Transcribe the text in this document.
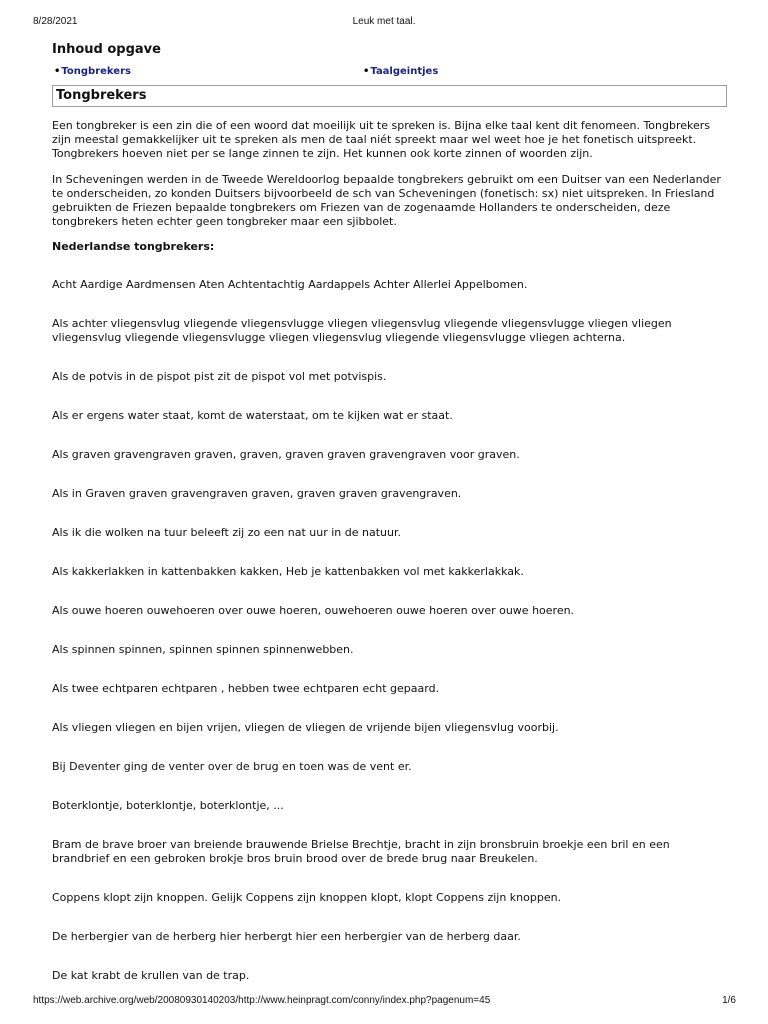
8/28/2021	Leuk met taal.
Inhoud opgave
•Tongbrekers	•Taalgeintjes
Tongbrekers

Een tongbreker is een zin die of een woord dat moeilijk uit te spreken is. Bijna elke taal kent dit fenomeen. Tongbrekers zijn meestal gemakkelijker uit te spreken als men de taal niét spreekt maar wel weet hoe je het fonetisch uitspreekt. Tongbrekers hoeven niet per se lange zinnen te zijn. Het kunnen ook korte zinnen of woorden zijn.

In Scheveningen werden in de Tweede Wereldoorlog bepaalde tongbrekers gebruikt om een Duitser van een Nederlander te onderscheiden, zo konden Duitsers bijvoorbeeld de sch van Scheveningen (fonetisch: sx) niet uitspreken. In Friesland gebruikten de Friezen bepaalde tongbrekers om Friezen van de zogenaamde Hollanders te onderscheiden, deze tongbrekers heten echter geen tongbreker maar een sjibbolet.

Nederlandse tongbrekers:

Acht Aardige Aardmensen Aten Achtentachtig Aardappels Achter Allerlei Appelbomen.

Als achter vliegensvlug vliegende vliegensvlugge vliegen vliegensvlug vliegende vliegensvlugge vliegen vliegen vliegensvlug vliegende vliegensvlugge vliegen vliegensvlug vliegende vliegensvlugge vliegen achterna.

Als de potvis in de pispot pist zit de pispot vol met potvispis.

Als er ergens water staat, komt de waterstaat, om te kijken wat er staat.

Als graven gravengraven graven, graven, graven graven gravengraven voor graven.

Als in Graven graven gravengraven graven, graven graven gravengraven.

Als ik die wolken na tuur beleeft zij zo een nat uur in de natuur.

Als kakkerlakken in kattenbakken kakken, Heb je kattenbakken vol met kakkerlakkak.

Als ouwe hoeren ouwehoeren over ouwe hoeren, ouwehoeren ouwe hoeren over ouwe hoeren.

Als spinnen spinnen, spinnen spinnen spinnenwebben.

Als twee echtparen echtparen , hebben twee echtparen echt gepaard.

Als vliegen vliegen en bijen vrijen, vliegen de vliegen de vrijende bijen vliegensvlug voorbij.

Bij Deventer ging de venter over de brug en toen was de vent er.

Boterklontje, boterklontje, boterklontje, ...

Bram de brave broer van breiende brauwende Brielse Brechtje, bracht in zijn bronsbruin broekje een bril en een brandbrief en een gebroken brokje bros bruin brood over de brede brug naar Breukelen.

Coppens klopt zijn knoppen. Gelijk Coppens zijn knoppen klopt, klopt Coppens zijn knoppen.

De herbergier van de herberg hier herbergt hier een herbergier van de herberg daar.

De kat krabt de krullen van de trap.

https://web.archive.org/web/20080930140203/http://www.heinpragt.com/conny/index.php?pagenum=45	1/6
